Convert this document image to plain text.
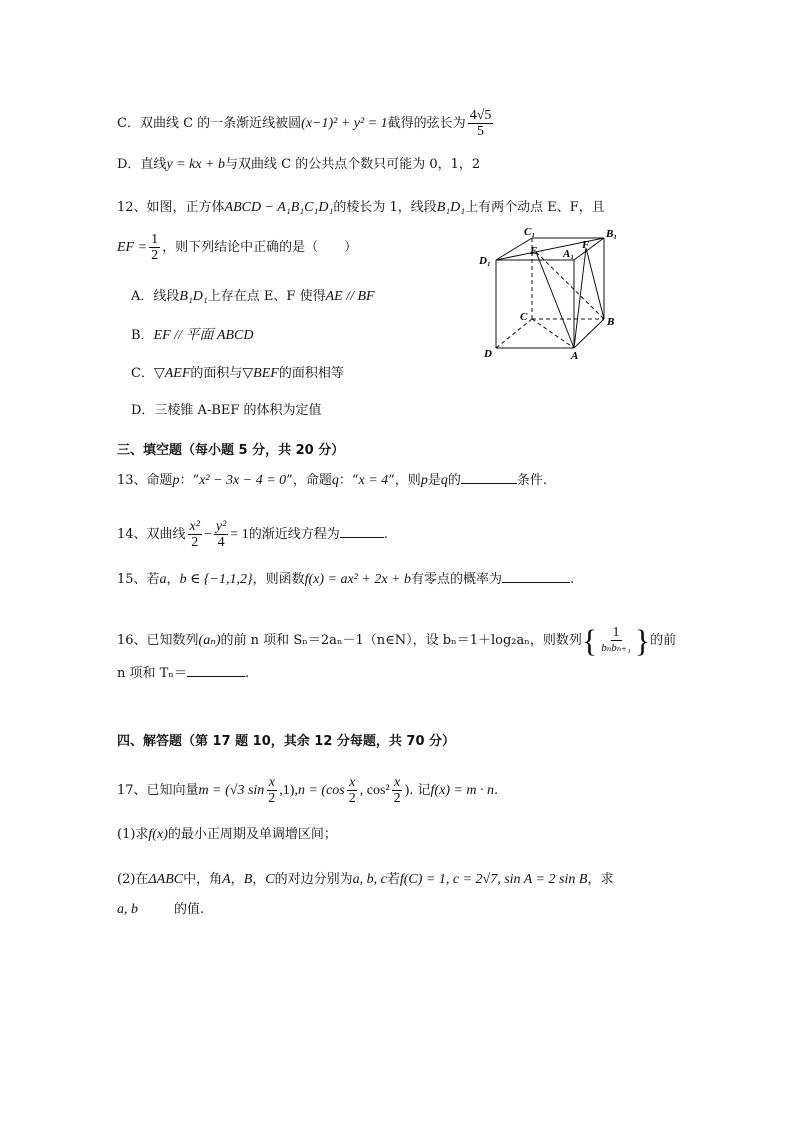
C．双曲线 C 的一条渐近线被圆(x−1)² + y² = 1截得的弦长为 $\frac{4√5}{5}$
D．直线y = kx + b与双曲线 C 的公共点个数只可能为 0，1，2
12、如图，正方体ABCD − A₁B₁C₁D₁的棱长为 1，线段B₁D₁上有两个动点 E、F，且
EF = $\frac{1}{2}$ ，则下列结论中正确的是（　　）
A．线段B₁D₁上存在点 E、F 使得AE // BF
B．EF // 平面 ABCD
C．▽AEF的面积与▽BEF的面积相等
D．三棱锥 A-BEF 的体积为定值
C₁	B₁
E	F
A₁
D₁
C	B
D	A
三、填空题（每小题 5 分，共 20 分）
13、命题p：“x² − 3x − 4 = 0”，命题q：“x = 4”，则p是q的	条件.
14、双曲线 $\frac{\text{x²}}{2} - \frac{\text{y²}}{4} = 1$的渐近线方程为	.
15、若a，b ∈ {−1,1,2}，则函数f(x) = ax² + 2x + b有零点的概率为	.
16、已知数列(aₙ)的前 n 项和 Sₙ＝2aₙ－1（n∈N），设 bₙ＝1＋log₂aₙ，则数列{ $\frac{1}{\text{bₙbₙ₊₁}}$ }的前
n 项和 Tₙ＝	.
四、解答题（第 17 题 10，其余 12 分每题，共 70 分）
17、已知向量m = (√3 $\sin \frac{x}{2} ,1),n = (\cos \frac{x}{2}$ , $\cos^2 \frac{x}{2}$ ). 记f(x) = m · n.
(1)求f(x)的最小正周期及单调增区间；
(2)在ΔABC中，角A，B，C的对边分别为a, b, c若f(C) = 1, c = 2√7, sin A = 2 sin B，求
a, b	的值.
